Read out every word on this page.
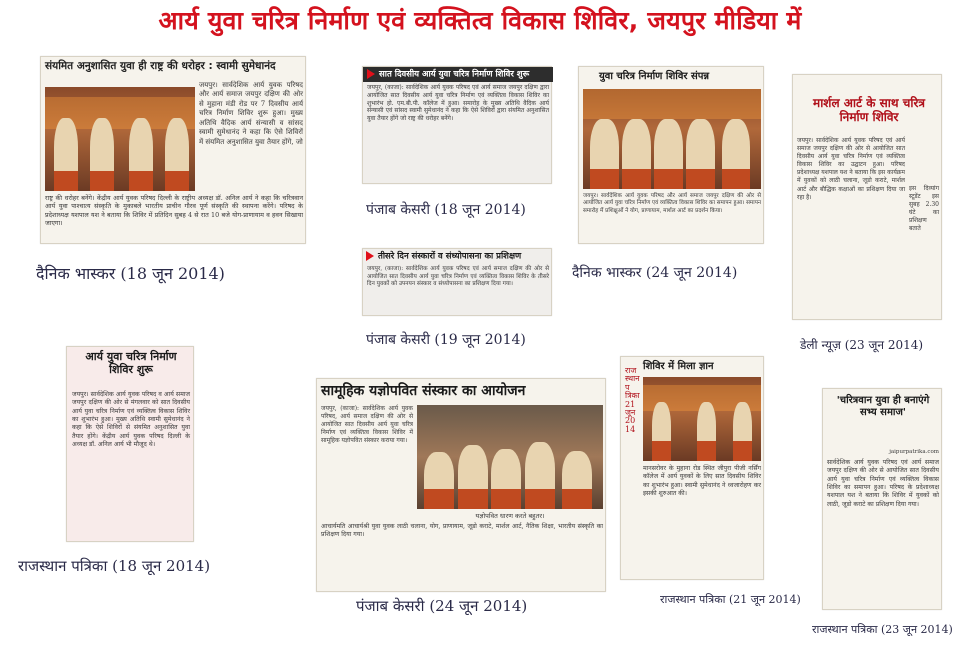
आर्य युवा चरित्र निर्माण एवं व्यक्तित्व विकास शिविर, जयपुर मीडिया में
संयमित अनुशासित युवा ही राष्ट्र की धरोहर : स्वामी सुमेधानंद
जयपुर। सार्वदेशिक आर्य युवक परिषद और आर्य समाज जयपुर दक्षिण की ओर से मुहाना मंडी रोड पर 7 दिवसीय आर्य चरित्र निर्माण शिविर शुरू हुआ। मुख्य अतिथि वैदिक आर्य संन्यासी व सांसद स्वामी सुमेधानंद ने कहा कि ऐसे शिविरों में संयमित अनुशासित युवा तैयार होंगे, जो
राष्ट्र की धरोहर बनेंगे। केंद्रीय आर्य युवक परिषद दिल्ली के राष्ट्रीय अध्यक्ष डॉ. अनिल आर्य ने कहा कि चरित्रवान आर्य युवा पाश्चात्य संस्कृति के मुकाबले भारतीय प्राचीन गौरव पूर्ण संस्कृति की स्थापना करेंगे। परिषद के प्रदेशाध्यक्ष यशपाल यश ने बताया कि शिविर में प्रतिदिन सुबह 4 से रात 10 बजे योग-प्राणायाम व हवन सिखाया जाएगा।
दैनिक भास्कर (18 जून 2014)
सात दिवसीय आर्य युवा चरित्र निर्माण शिविर शुरू
जयपुर, (काजा): सार्वदेशिक आर्य युवक परिषद एवं आर्य समाज जयपुर दक्षिण द्वारा आयोजित सात दिवसीय आर्य युवा चरित्र निर्माण एवं व्यक्तित्व विकास शिविर का शुभारंभ हो. एम.बी.पी. कॉलेज में हुआ। समारोह के मुख्य अतिथि वैदिक आर्य संन्यासी एवं सांसद स्वामी सुमेधानंद ने कहा कि ऐसे शिविरों द्वारा संयमित अनुशासित युवा तैयार होंगे जो राष्ट्र की धरोहर बनेंगे।
पंजाब केसरी (18 जून 2014)
तीसरे दिन संस्कारों व संध्योपासना का प्रशिक्षण
जयपुर, (काजा): सार्वदेशिक आर्य युवक परिषद एवं आर्य समाज दक्षिण की ओर से आयोजित सात दिवसीय आर्य युवा चरित्र निर्माण एवं व्यक्तित्व विकास शिविर के तीसरे दिन युवकों को उपनयन संस्कार व संध्योपासना का प्रशिक्षण दिया गया।
पंजाब केसरी (19 जून 2014)
युवा चरित्र निर्माण शिविर संपन्न
जयपुर। सार्वदेशिक आर्य युवक परिषद और आर्य समाज जयपुर दक्षिण की ओर से आयोजित आर्य युवा चरित्र निर्माण एवं व्यक्तित्व विकास शिविर का समापन हुआ। समापन समारोह में प्रशिक्षुओं ने योग, प्राणायाम, मार्शल आर्ट का प्रदर्शन किया।
दैनिक भास्कर (24 जून 2014)
मार्शल आर्ट के साथ चरित्र निर्माण शिविर
जयपुर। सार्वदेशिक आर्य युवक परिषद एवं आर्य समाज जयपुर दक्षिण की ओर से आयोजित सात दिवसीय आर्य युवा चरित्र निर्माण एवं व्यक्तित्व विकास शिविर का उद्घाटन हुआ। परिषद प्रदेशाध्यक्ष यशपाल यश ने बताया कि इस कार्यक्रम में युवकों को लाठी चलाना, जूडो कराटे, मार्शल आर्ट और बौद्धिक कक्षाओं का प्रशिक्षण दिया जा रहा है।
इस दिव्यांग स्टूडेंट इस सुबह 2.30 घंटे का प्रशिक्षण बताते
डेली न्यूज़ (23 जून 2014)
आर्य युवा चरित्र निर्माण शिविर शुरू
जयपुर। सार्वदेशिक आर्य युवक परिषद व आर्य समाज जयपुर दक्षिण की ओर से मंगलवार को सात दिवसीय आर्य युवा चरित्र निर्माण एवं व्यक्तित्व विकास शिविर का शुभारंभ हुआ। मुख्य अतिथि स्वामी सुमेधानंद ने कहा कि ऐसे शिविरों से संयमित अनुशासित युवा तैयार होंगे। केंद्रीय आर्य युवक परिषद दिल्ली के अध्यक्ष डॉ. अनिल आर्य भी मौजूद थे।
राजस्थान पत्रिका (18 जून 2014)
सामूहिक यज्ञोपवित संस्कार का आयोजन
जयपुर, (काजा): सार्वदेशिक आर्य युवक परिषद, आर्य समाज दक्षिण की ओर से आयोजित सात दिवसीय आर्य युवा चरित्र निर्माण एवं व्यक्तित्व विकास शिविर में सामूहिक यज्ञोपवित संस्कार कराया गया।
यज्ञोपवित धारण करते बहुतर।
आचार्यमति आचार्यश्री युवा युवक लाठी चलाना, योग, प्राणायाम, जूडो कराटे, मार्शल आर्ट, नैतिक शिक्षा, भारतीय संस्कृति का प्रशिक्षण दिया गया।
पंजाब केसरी (24 जून 2014)
राजस्थान पत्रिका 21 जून 2014
शिविर में मिला ज्ञान
मानसरोवर के मुहाना रोड स्थित जीपुरा पीजी नर्सिंग कॉलेज में आर्य युवकों के लिए सात दिवसीय शिविर का शुभारंभ हुआ। स्वामी सुमेधानंद ने ध्वजारोहण कर इसकी शुरुआत की।
राजस्थान पत्रिका (21 जून 2014)
'चरित्रवान युवा ही बनाएंगे सभ्य समाज'
jaipurpatrika.com
सार्वदेशिक आर्य युवक परिषद एवं आर्य समाज जयपुर दक्षिण की ओर से आयोजित सात दिवसीय आर्य युवा चरित्र निर्माण एवं व्यक्तित्व विकास शिविर का समापन हुआ। परिषद के प्रदेशाध्यक्ष यशपाल यश ने बताया कि शिविर में युवकों को लाठी, जूडो कराटे का प्रशिक्षण दिया गया।
राजस्थान पत्रिका (23 जून 2014)
